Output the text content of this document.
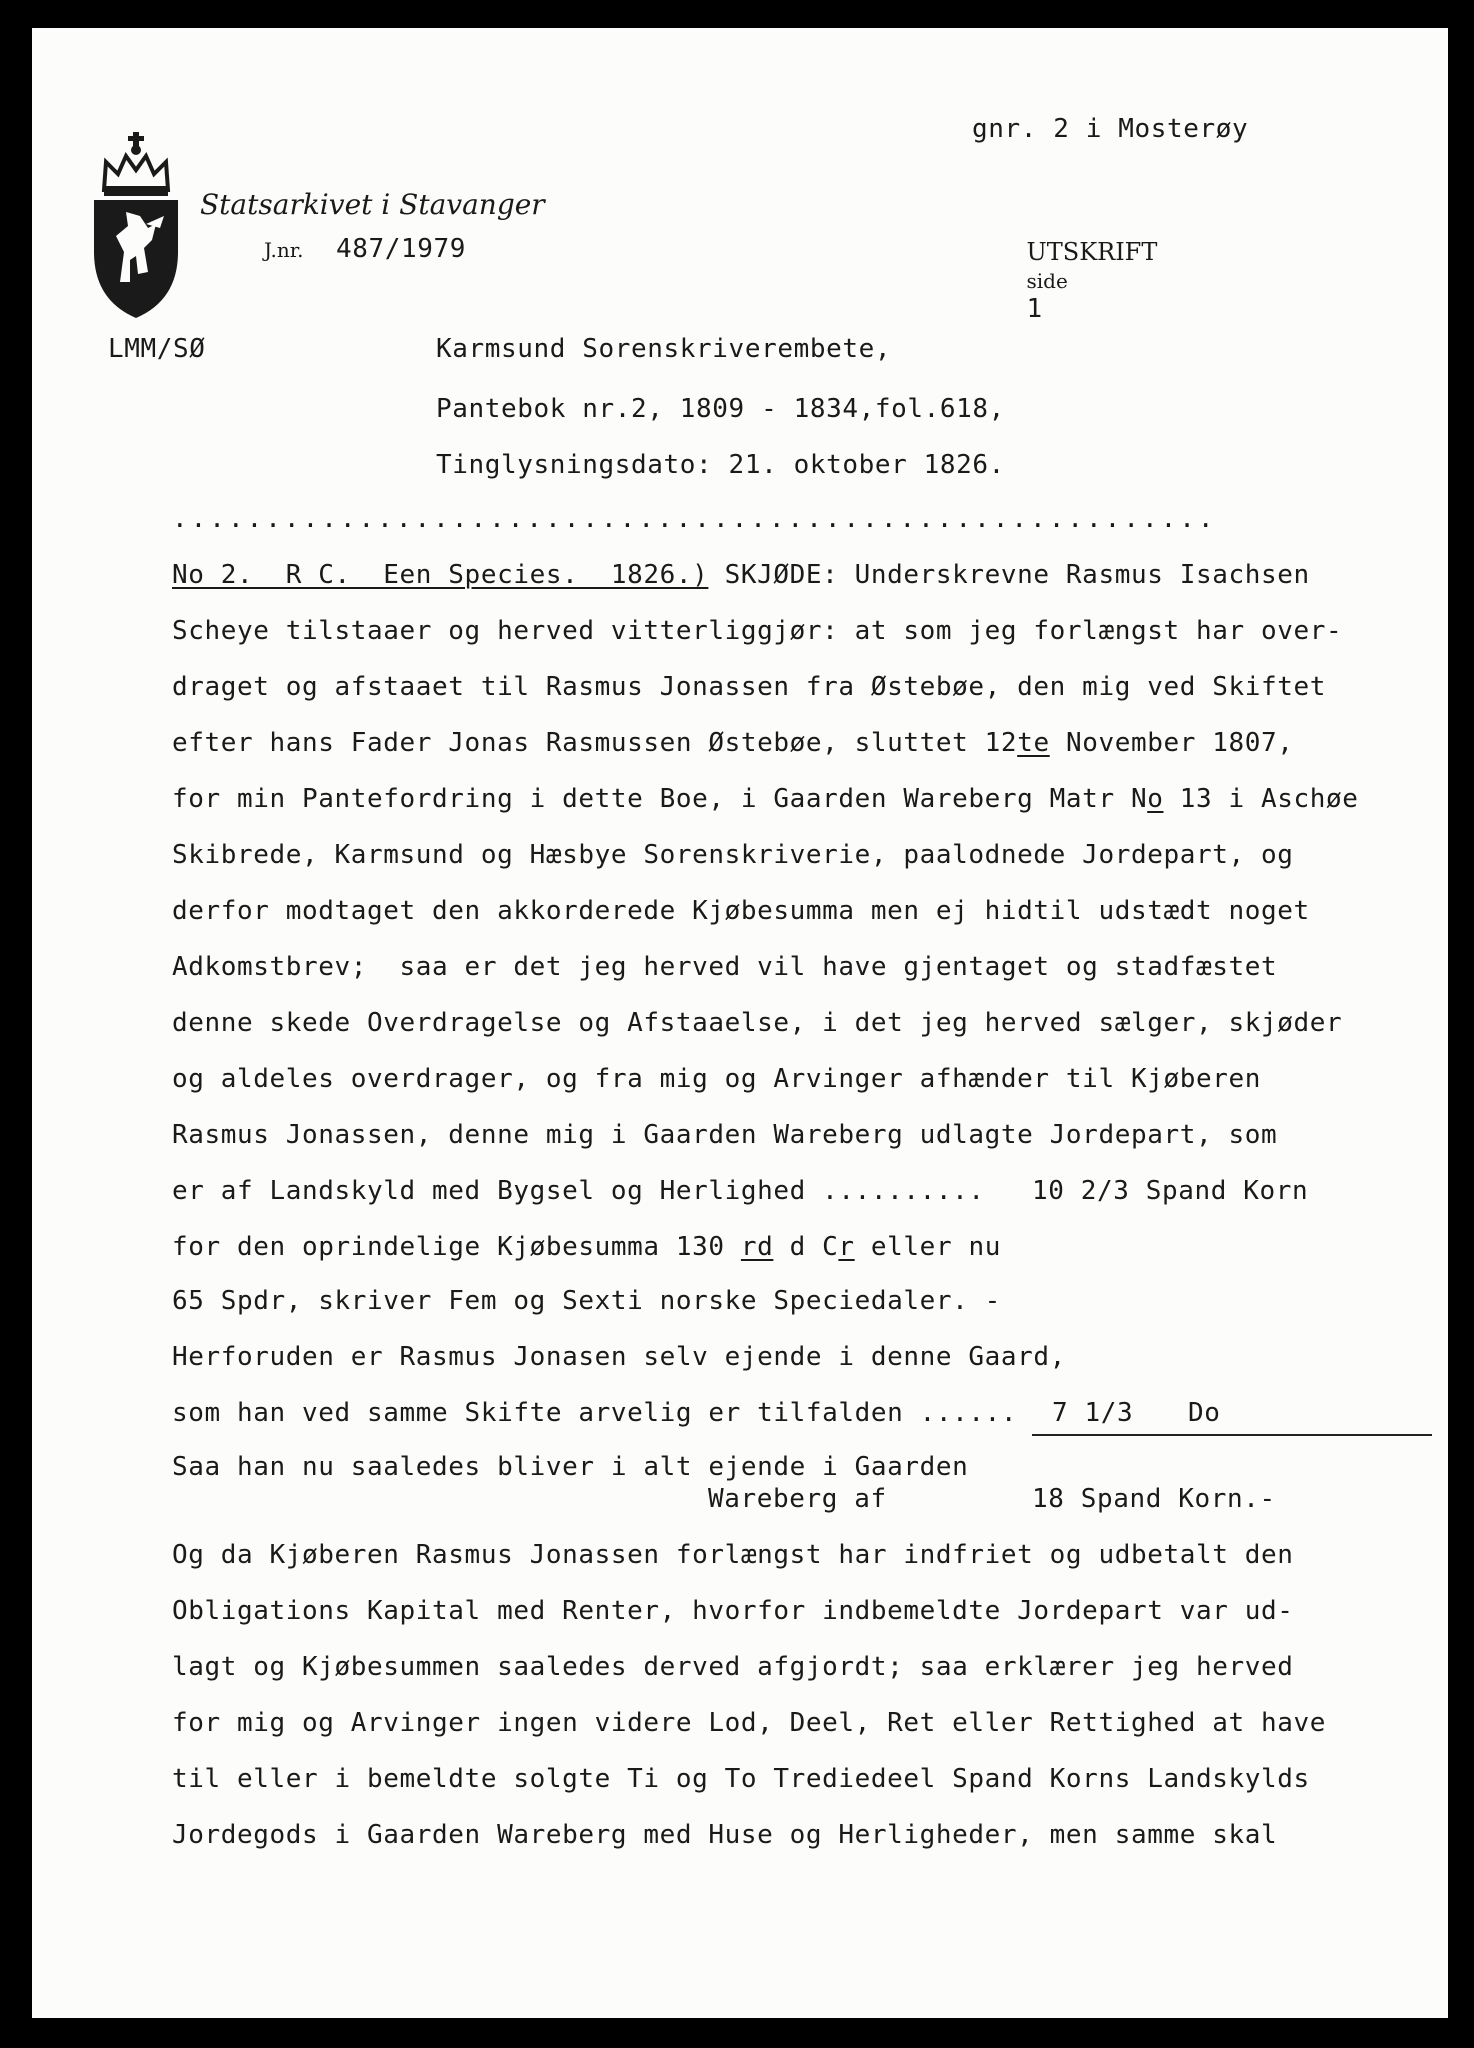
Statsarkivet i Stavanger
J.nr. 487/1979
gnr. 2 i Mosterøy

UTSKRIFT
side
1

LMM/SØ	Karmsund Sorenskriverembete,
Pantebok nr.2, 1809 - 1834,fol.618,
Tinglysningsdato: 21. oktober 1826.
........................................................
No 2.  R C.  Een Species.  1826.) SKJØDE: Underskrevne Rasmus Isachsen
Scheye tilstaaer og herved vitterliggjør: at som jeg forlængst har over-
draget og afstaaet til Rasmus Jonassen fra Østebøe, den mig ved Skiftet
efter hans Fader Jonas Rasmussen Østebøe, sluttet 12te November 1807,
for min Pantefordring i dette Boe, i Gaarden Wareberg Matr No 13 i Aschøe
Skibrede, Karmsund og Hæsbye Sorenskriverie, paalodnede Jordepart, og
derfor modtaget den akkorderede Kjøbesumma men ej hidtil udstædt noget
Adkomstbrev;  saa er det jeg herved vil have gjentaget og stadfæstet
denne skede Overdragelse og Afstaaelse, i det jeg herved sælger, skjøder
og aldeles overdrager, og fra mig og Arvinger afhænder til Kjøberen
Rasmus Jonassen, denne mig i Gaarden Wareberg udlagte Jordepart, som
er af Landskyld med Bygsel og Herlighed .......... 10 2/3 Spand Korn
for den oprindelige Kjøbesumma 130 rd d Cr eller nu
65 Spdr, skriver Fem og Sexti norske Speciedaler. -
Herforuden er Rasmus Jonasen selv ejende i denne Gaard,
som han ved samme Skifte arvelig er tilfalden ...... 7 1/3 Do
Saa han nu saaledes bliver i alt ejende i Gaarden
Wareberg af	18 Spand Korn.-
Og da Kjøberen Rasmus Jonassen forlængst har indfriet og udbetalt den
Obligations Kapital med Renter, hvorfor indbemeldte Jordepart var ud-
lagt og Kjøbesummen saaledes derved afgjordt; saa erklærer jeg herved
for mig og Arvinger ingen videre Lod, Deel, Ret eller Rettighed at have
til eller i bemeldte solgte Ti og To Trediedeel Spand Korns Landskylds
Jordegods i Gaarden Wareberg med Huse og Herligheder, men samme skal
